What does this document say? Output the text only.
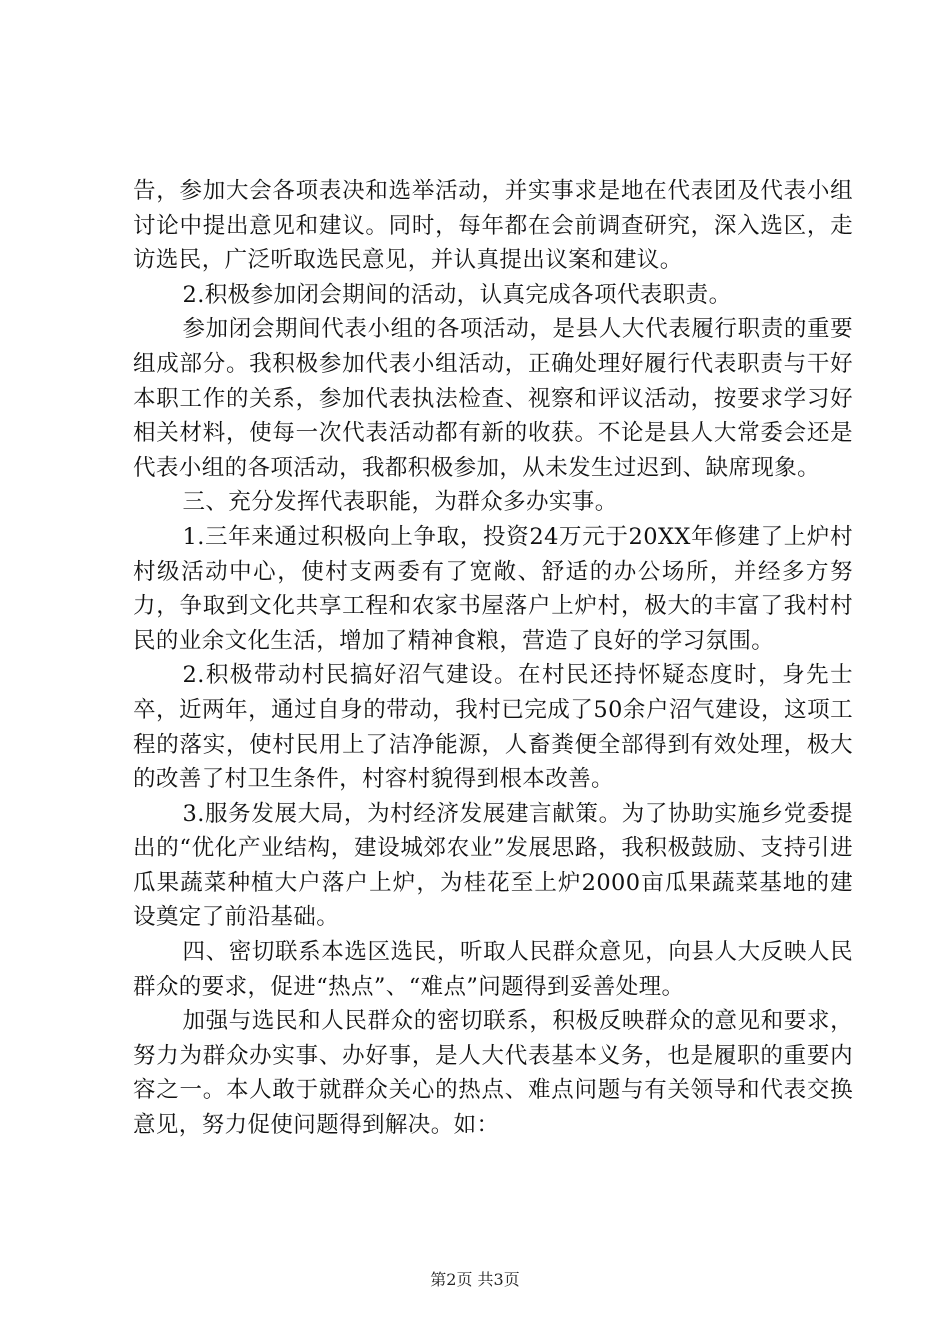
告，参加大会各项表决和选举活动，并实事求是地在代表团及代表小组讨论中提出意见和建议。同时，每年都在会前调查研究，深入选区，走访选民，广泛听取选民意见，并认真提出议案和建议。

2.积极参加闭会期间的活动，认真完成各项代表职责。

参加闭会期间代表小组的各项活动，是县人大代表履行职责的重要组成部分。我积极参加代表小组活动，正确处理好履行代表职责与干好本职工作的关系，参加代表执法检查、视察和评议活动，按要求学习好相关材料，使每一次代表活动都有新的收获。不论是县人大常委会还是代表小组的各项活动，我都积极参加，从未发生过迟到、缺席现象。

三、充分发挥代表职能，为群众多办实事。

1.三年来通过积极向上争取，投资24万元于20XX年修建了上炉村村级活动中心，使村支两委有了宽敞、舒适的办公场所，并经多方努力，争取到文化共享工程和农家书屋落户上炉村，极大的丰富了我村村民的业余文化生活，增加了精神食粮，营造了良好的学习氛围。

2.积极带动村民搞好沼气建设。在村民还持怀疑态度时，身先士卒，近两年，通过自身的带动，我村已完成了50余户沼气建设，这项工程的落实，使村民用上了洁净能源，人畜粪便全部得到有效处理，极大的改善了村卫生条件，村容村貌得到根本改善。

3.服务发展大局，为村经济发展建言献策。为了协助实施乡党委提出的“优化产业结构，建设城郊农业”发展思路，我积极鼓励、支持引进瓜果蔬菜种植大户落户上炉，为桂花至上炉2000亩瓜果蔬菜基地的建设奠定了前沿基础。

四、密切联系本选区选民，听取人民群众意见，向县人大反映人民群众的要求，促进“热点”、“难点”问题得到妥善处理。

加强与选民和人民群众的密切联系，积极反映群众的意见和要求，努力为群众办实事、办好事，是人大代表基本义务，也是履职的重要内容之一。本人敢于就群众关心的热点、难点问题与有关领导和代表交换意见，努力促使问题得到解决。如：

第2页 共3页
